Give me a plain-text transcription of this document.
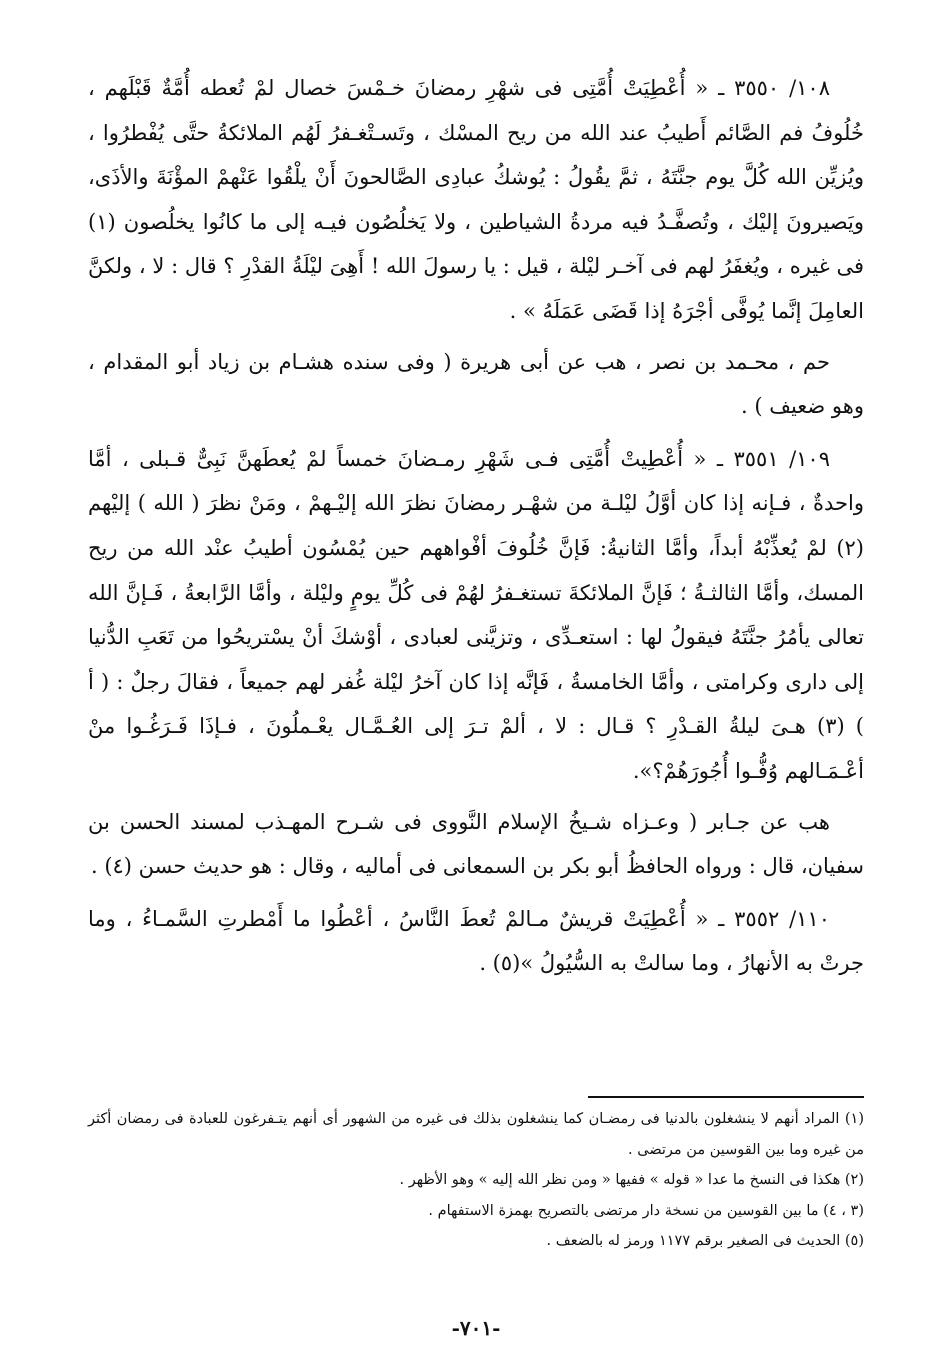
١٠٨/ ٣٥٥٠ ـ « أُعْطِيَتْ أُمَّتِى فى شهْرِ رمضانَ خـمْسَ خصال لمْ تُعطه أُمَّةٌ قَبْلَهم ، خُلُوفُ فم الصَّائم أَطيبُ عند الله من ريح المسْك ، وتَسـتْغـفرُ لَهُم الملائكةُ حتَّى يُفْطرُوا ، ويُزيِّن الله كُلَّ يوم جنَّتَهُ ، ثمَّ يقُولُ : يُوشكُ عبادِى الصَّالحونَ أَنْ يلْقُوا عَنْهمْ المؤْنَةَ والأذَى، ويَصيرونَ إليْك ، وتُصفَّـدُ فيه مردةُ الشياطين ، ولا يَخلُصُون فيـه إلى ما كانُوا يخلُصون (١) فى غيره ، ويُغفَرُ لهم فى آخـر ليْلة ، قيل : يا رسولَ الله ! أَهِىَ ليْلَةُ القدْرِ ؟ قال : لا ، ولكنَّ العامِلَ إنَّما يُوفَّى أجْرَهُ إذا قَضَى عَمَلَهُ » .

حم ، محـمد بن نصر ، هب عن أبى هريرة ( وفى سنده هشـام بن زياد أبو المقدام ، وهو ضعيف ) .

١٠٩/ ٣٥٥١ ـ « أُعْطِيتْ أُمَّتِى فـى شَهْرِ رمـضانَ خمساً لمْ يُعطَهنَّ نَبِىٌّ قـبلى ، أمَّا واحدةٌ ، فـإنه إذا كان أوَّلُ ليْلـة من شهْـر رمضانَ نظرَ الله إليْـهمْ ، ومَنْ نظرَ ( الله ) إليْهم (٢) لمْ يُعذِّبْهُ أبداً، وأمَّا الثانيةُ: فَإنَّ خُلُوفَ أفْواههم حين يُمْسُون أطيبُ عنْد الله من ريح المسك، وأمَّا الثالثـةُ ؛ فَإنَّ الملائكةَ تستغـفرُ لهُمْ فى كُلِّ يومٍ وليْلة ، وأمَّا الرَّابعةُ ، فَـإنَّ الله تعالى يأمُرُ جنَّتَهُ فيقولُ لها : استعـدِّى ، وتزيَّنى لعبادى ، أوْشكَ أنْ يسْتريحُوا من تَعَبِ الدُّنيا إلى دارى وكرامتى ، وأمَّا الخامسةُ ، فَإنَّه إذا كان آخرُ ليْلة غُفر لهم جميعاً ، فقالَ رجلٌ : ( أ ) (٣) هـىَ ليلةُ القـدْرِ ؟ قـال : لا ، ألمْ تـرَ إلى العُـمَّـال يعْـملُونَ ، فـإذَا فَـرَغُـوا منْ أعْـمَـالهم وُفُّـوا أُجُورَهُمْ؟».

هب عن جـابر ( وعـزاه شـيخُ الإسلام النَّووى فى شـرح المهـذب لمسند الحسن بن سفيان، قال : ورواه الحافظُ أبو بكر بن السمعانى فى أماليه ، وقال : هو حديث حسن (٤) .

١١٠/ ٣٥٥٢ ـ « أُعْطِيَتْ قريشٌ مـالمْ تُعطَ النَّاسُ ، أعْطُوا ما أَمْطرتِ السَّمـاءُ ، وما جرتْ به الأنهارُ ، وما سالتْ به السُّيُولُ »(٥) .

(١) المراد أنهم لا ينشغلون بالدنيا فى رمضـان كما ينشغلون بذلك فى غيره من الشهور أى أنهم يتـفرغون للعبادة فى رمضان أكثر من غيره وما بين القوسين من مرتضى .

(٢) هكذا فى النسخ ما عدا « قوله » ففيها « ومن نظر الله إليه » وهو الأظهر .

(٣ ، ٤) ما بين القوسين من نسخة دار مرتضى بالتصريح بهمزة الاستفهام .

(٥) الحديث فى الصغير برقم ١١٧٧ ورمز له بالضعف .

-٧٠١-
